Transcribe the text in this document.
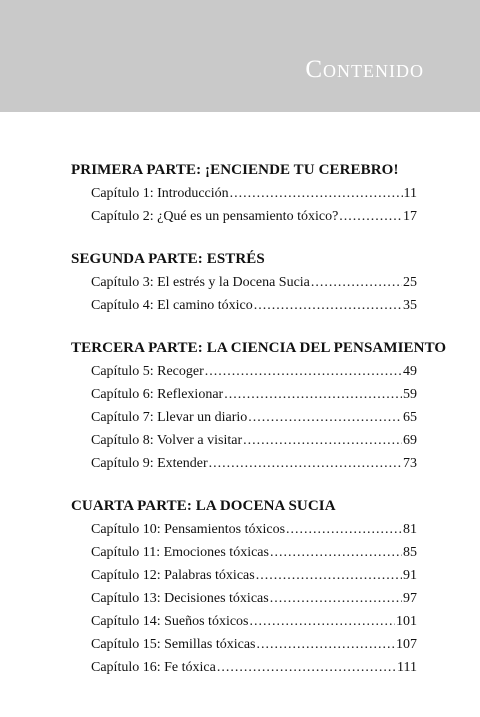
Contenido
PRIMERA PARTE: ¡ENCIENDE TU CEREBRO!
Capítulo 1: Introducción .....	11
Capítulo 2: ¿Qué es un pensamiento tóxico? .....	17
SEGUNDA PARTE: ESTRÉS
Capítulo 3: El estrés y la Docena Sucia .....	25
Capítulo 4: El camino tóxico .....	35
TERCERA PARTE: LA CIENCIA DEL PENSAMIENTO
Capítulo 5: Recoger .....	49
Capítulo 6: Reflexionar .....	59
Capítulo 7: Llevar un diario .....	65
Capítulo 8: Volver a visitar .....	69
Capítulo 9: Extender .....	73
CUARTA PARTE: LA DOCENA SUCIA
Capítulo 10: Pensamientos tóxicos .....	81
Capítulo 11: Emociones tóxicas .....	85
Capítulo 12: Palabras tóxicas .....	91
Capítulo 13: Decisiones tóxicas .....	97
Capítulo 14: Sueños tóxicos .....	101
Capítulo 15: Semillas tóxicas .....	107
Capítulo 16: Fe tóxica .....	111
